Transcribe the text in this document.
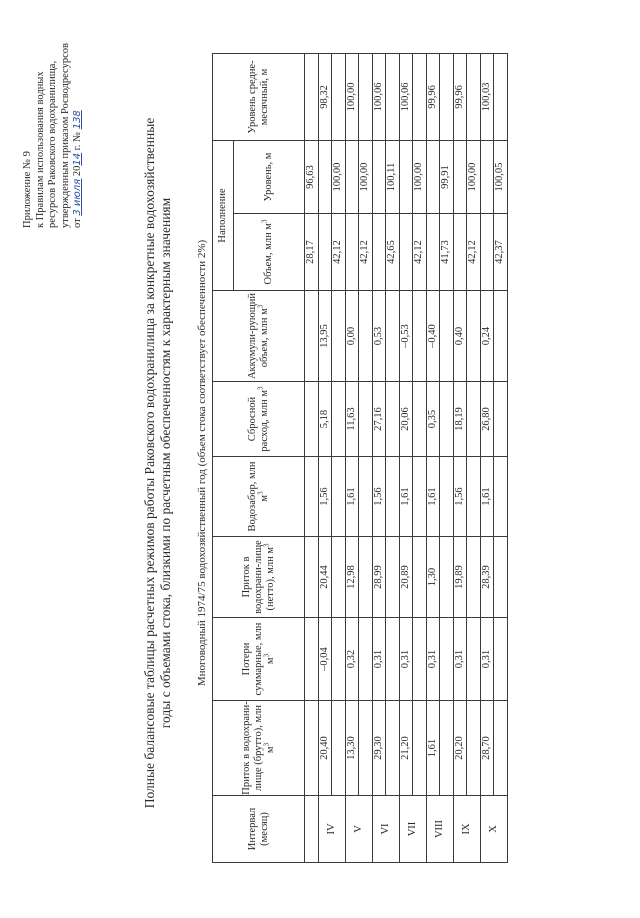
Приложение № 9 к Правилам использования водных ресурсов Раковского водохранилища, утвержденным приказом Росводресурсов от 3 июля 2014 г. № 138	Полные балансовые таблицы расчетных режимов работы Раковского водохранилища за конкретные водохозяйственные годы с объемами стока, близкими по расчетным обеспеченностям к характерным значениям Многоводный 1974/75 водохозяйственный год (объем стока соответствует обеспеченности 2%)
Интервал (месяц)	Приток в водохрани-лище (брутто), млн $м^3$	Потери суммарные, млн $м^3$	Приток в водохрани-лище (нетто), млн $м^3$	Водозабор, млн $м^3$	Сбросной расход, млн $м^3$	Аккумули-рующий объем, млн $м^3$	Наполнение		Уровень средне-месячный, м
							Объем, млн $м^3$	Уровень, м	
							28,17	96,63	
IV	20,40	–0,04	20,44	1,56	5,18	13,95			98,32
							42,12	100,00	
V	13,30	0,32	12,98	1,61	11,63	0,00			100,00
							42,12	100,00	
VI	29,30	0,31	28,99	1,56	27,16	0,53			100,06
							42,65	100,11	
VII	21,20	0,31	20,89	1,61	20,06	–0,53			100,06
							42,12	100,00	
VIII	1,61	0,31	1,30	1,61	0,35	–0,40			99,96
							41,73	99,91	
IX	20,20	0,31	19,89	1,56	18,19	0,40			99,96
							42,12	100,00	
X	28,70	0,31	28,39	1,61	26,80	0,24			100,03
							42,37	100,05	
